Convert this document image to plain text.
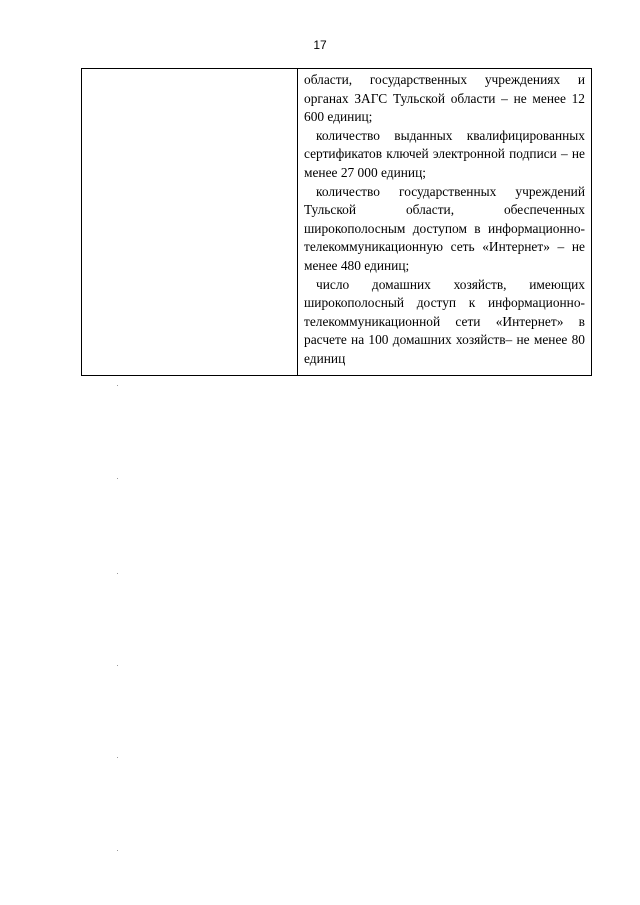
17

области, государственных учреждениях и органах ЗАГС Тульской области – не менее 12 600 единиц;

количество выданных квалифицированных сертификатов ключей электронной подписи – не менее 27 000 единиц;

количество государственных учреждений Тульской области, обеспеченных широкополосным доступом в информационно-телекоммуникационную сеть «Интернет» – не менее 480 единиц;

число домашних хозяйств, имеющих широкополосный доступ к информационно-телекоммуникационной сети «Интернет» в расчете на 100 домашних хозяйств– не менее 80 единиц
